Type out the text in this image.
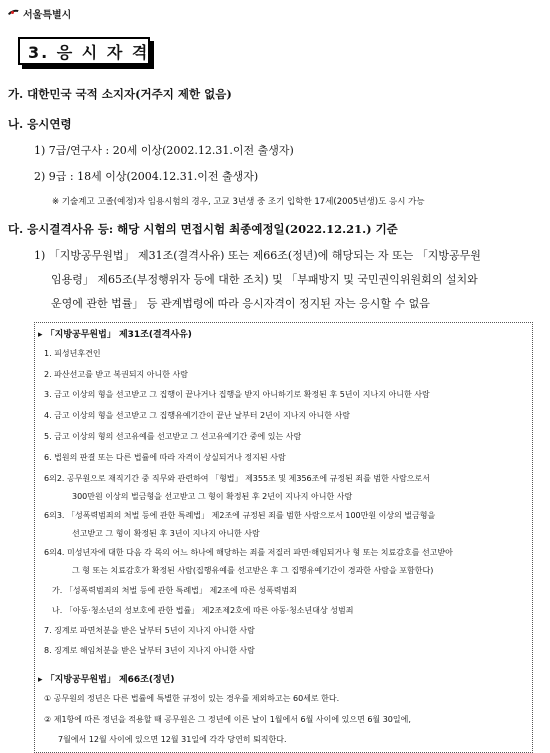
서울특별시
3. 응 시 자 격
가. 대한민국 국적 소지자(거주지 제한 없음)
나. 응시연령
1) 7급/연구사 : 20세 이상(2002.12.31.이전 출생자)
2) 9급 : 18세 이상(2004.12.31.이전 출생자)
※ 기술계고 고졸(예정)자 임용시험의 경우, 고교 3년생 중 조기 입학한 17세(2005년생)도 응시 가능
다. 응시결격사유 등: 해당 시험의 면접시험 최종예정일(2022.12.21.) 기준
1) 「지방공무원법」 제31조(결격사유) 또는 제66조(정년)에 해당되는 자 또는 「지방공무원
임용령」 제65조(부정행위자 등에 대한 조치) 및 「부패방지 및 국민권익위원회의 설치와
운영에 관한 법률」 등 관계법령에 따라 응시자격이 정지된 자는 응시할 수 없음
▸ 「지방공무원법」 제31조(결격사유)
1. 피성년후견인
2. 파산선고를 받고 복권되지 아니한 사람
3. 금고 이상의 형을 선고받고 그 집행이 끝나거나 집행을 받지 아니하기로 확정된 후 5년이 지나지 아니한 사람
4. 금고 이상의 형을 선고받고 그 집행유예기간이 끝난 날부터 2년이 지나지 아니한 사람
5. 금고 이상의 형의 선고유예를 선고받고 그 선고유예기간 중에 있는 사람
6. 법원의 판결 또는 다른 법률에 따라 자격이 상실되거나 정지된 사람
6의2. 공무원으로 재직기간 중 직무와 관련하여 「형법」 제355조 및 제356조에 규정된 죄를 범한 사람으로서
300만원 이상의 벌금형을 선고받고 그 형이 확정된 후 2년이 지나지 아니한 사람
6의3. 「성폭력범죄의 처벌 등에 관한 특례법」 제2조에 규정된 죄를 범한 사람으로서 100만원 이상의 벌금형을
선고받고 그 형이 확정된 후 3년이 지나지 아니한 사람
6의4. 미성년자에 대한 다음 각 목의 어느 하나에 해당하는 죄를 저질러 파면·해임되거나 형 또는 치료감호를 선고받아
그 형 또는 치료감호가 확정된 사람(집행유예를 선고받은 후 그 집행유예기간이 경과한 사람을 포함한다)
가. 「성폭력범죄의 처벌 등에 관한 특례법」 제2조에 따른 성폭력범죄
나. 「아동·청소년의 성보호에 관한 법률」 제2조제2호에 따른 아동·청소년대상 성범죄
7. 징계로 파면처분을 받은 날부터 5년이 지나지 아니한 사람
8. 징계로 해임처분을 받은 날부터 3년이 지나지 아니한 사람
▸ 「지방공무원법」 제66조(정년)
① 공무원의 정년은 다른 법률에 특별한 규정이 있는 경우를 제외하고는 60세로 한다.
② 제1항에 따른 정년을 적용할 때 공무원은 그 정년에 이른 날이 1월에서 6월 사이에 있으면 6월 30일에,
7월에서 12월 사이에 있으면 12월 31일에 각각 당연히 퇴직한다.
